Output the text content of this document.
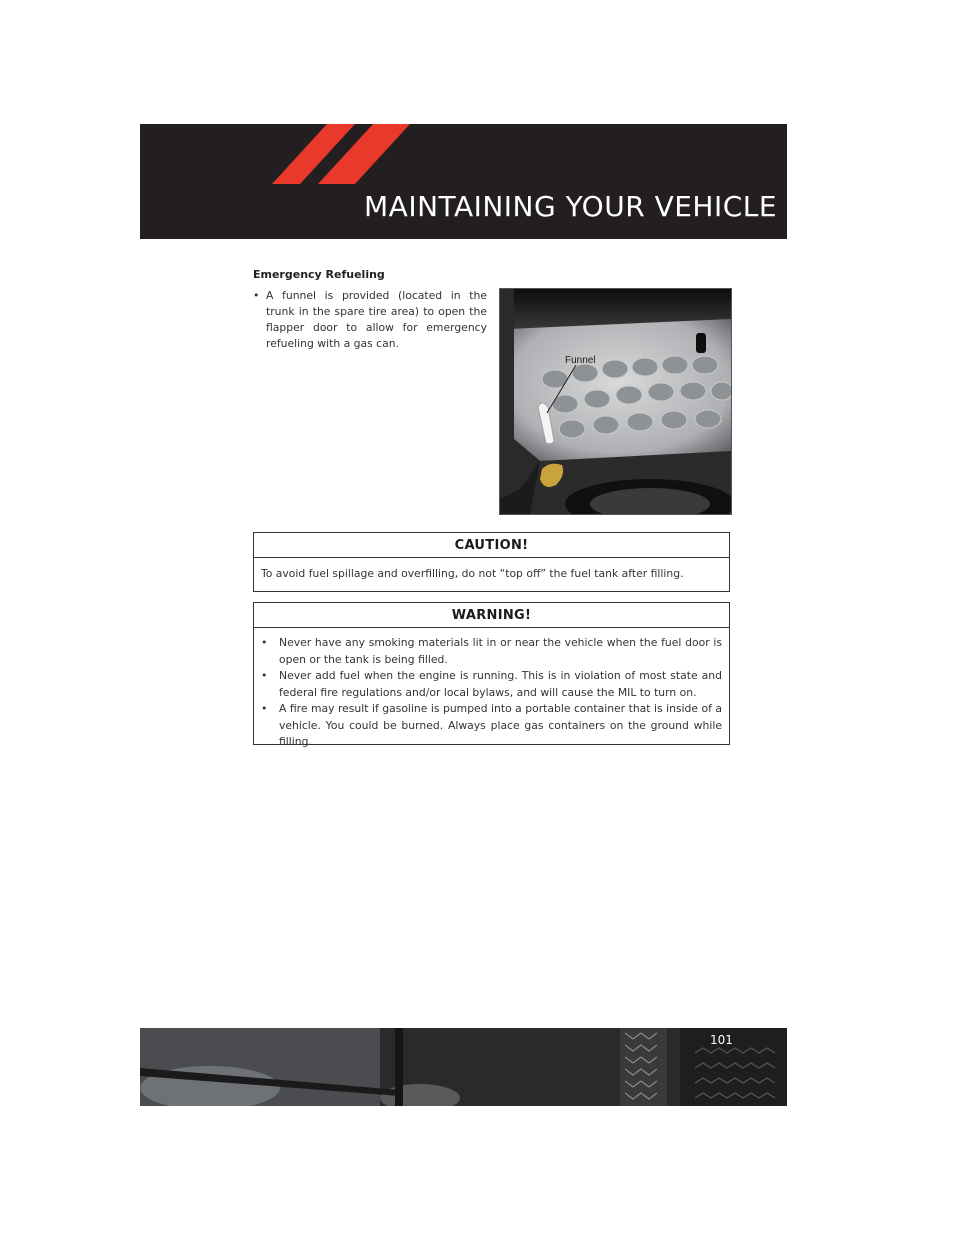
MAINTAINING YOUR VEHICLE
Emergency Refueling
• A funnel is provided (located in the trunk in the spare tire area) to open the flapper door to allow for emergency refueling with a gas can.
Funnel
CAUTION!
To avoid fuel spillage and overfilling, do not “top off” the fuel tank after filling.
WARNING!
• Never have any smoking materials lit in or near the vehicle when the fuel door is open or the tank is being filled.
• Never add fuel when the engine is running. This is in violation of most state and federal fire regulations and/or local bylaws, and will cause the MIL to turn on.
• A fire may result if gasoline is pumped into a portable container that is inside of a vehicle. You could be burned. Always place gas containers on the ground while filling.
101
